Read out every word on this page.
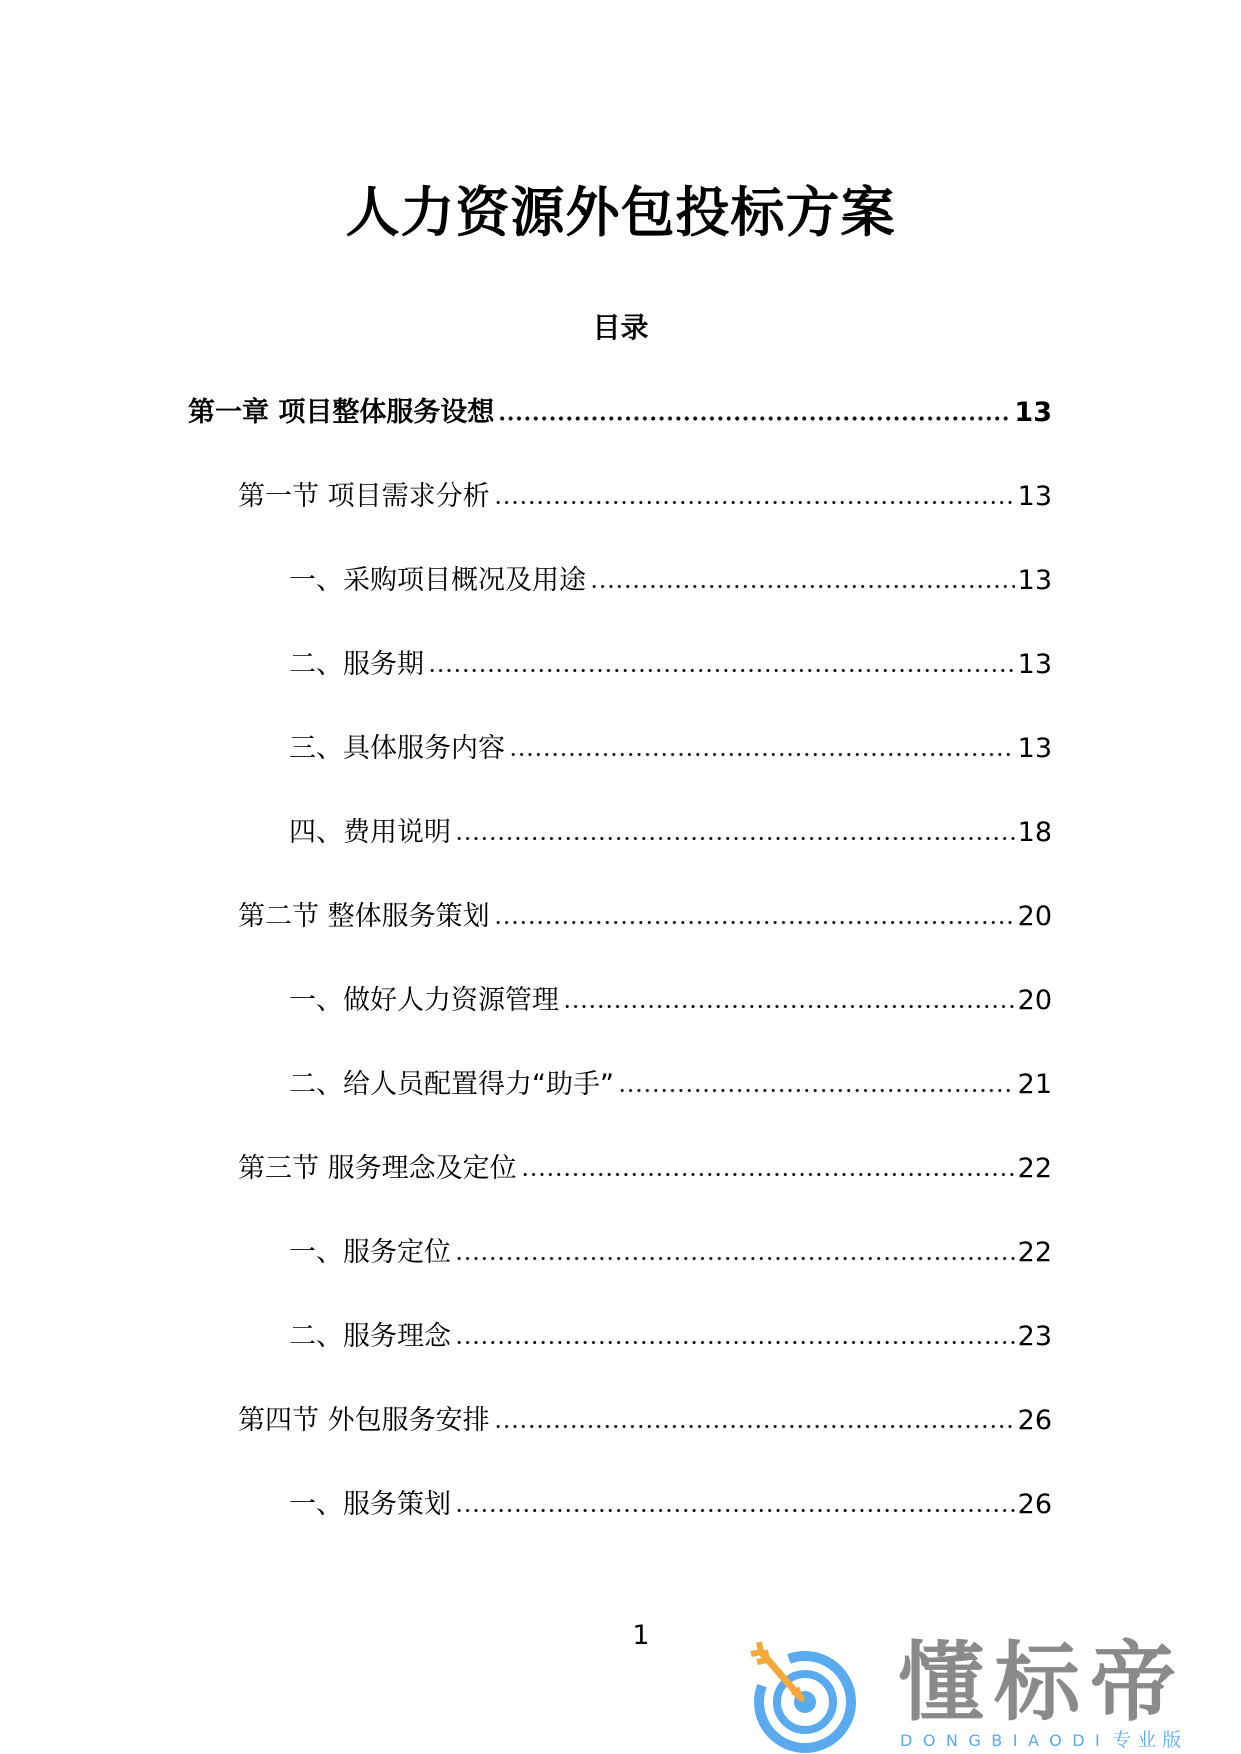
人力资源外包投标方案
目录
第一章 项目整体服务设想	13
第一节 项目需求分析	13
一、采购项目概况及用途	13
二、服务期	13
三、具体服务内容	13
四、费用说明	18
第二节 整体服务策划	20
一、做好人力资源管理	20
二、给人员配置得力“助手”	21
第三节 服务理念及定位	22
一、服务定位	22
二、服务理念	23
第四节 外包服务安排	26
一、服务策划	26
1	懂标帝
DONGBIAODI 专业版
